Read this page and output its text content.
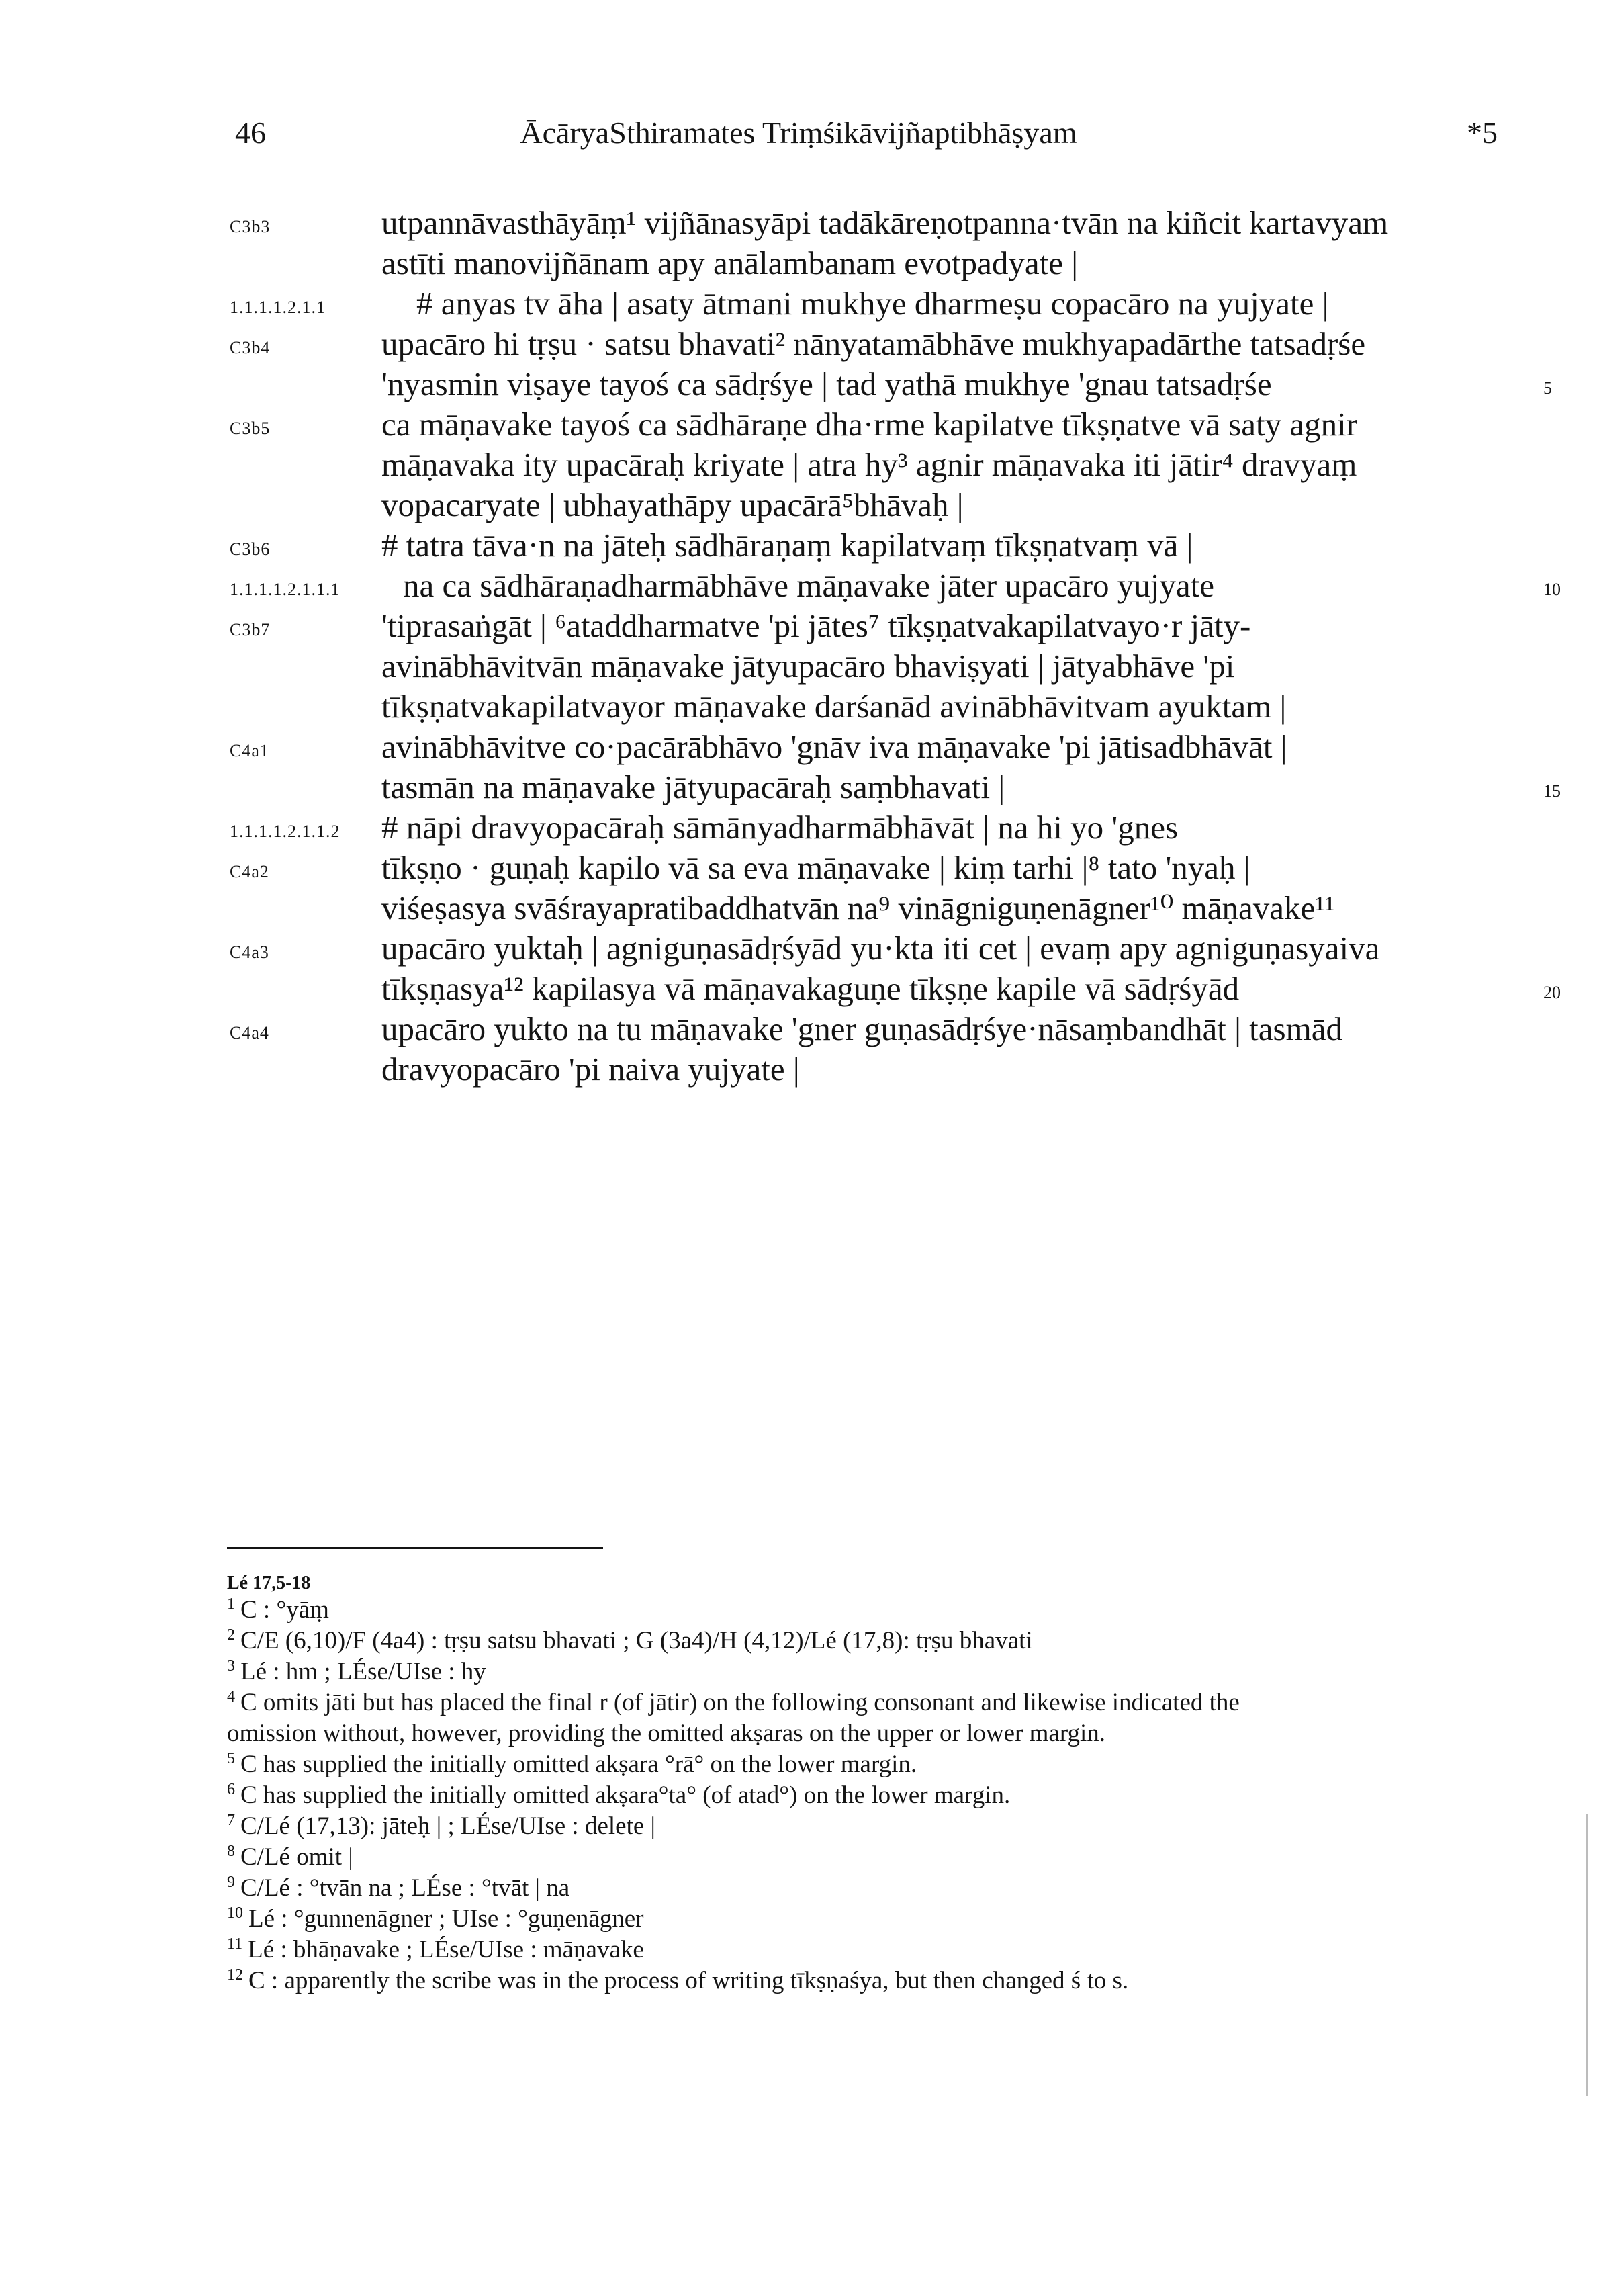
46	ĀcāryaSthiramates Triṃśikāvijñaptibhāṣyam	*5
C3b3	utpannāvasthāyāṃ¹ vijñānasyāpi tadākāreṇotpanna·tvān na kiñcit kartavyam
astīti manovijñānam apy anālambanam evotpadyate |
1.1.1.1.2.1.1	# anyas tv āha | asaty ātmani mukhye dharmeṣu copacāro na yujyate |
C3b4	upacāro hi tṛṣu · satsu bhavati² nānyatamābhāve mukhyapadārthe tatsadṛśe
'nyasmin viṣaye tayoś ca sādṛśye | tad yathā mukhye 'gnau tatsadṛśe	5
C3b5	ca māṇavake tayoś ca sādhāraṇe dha·rme kapilatve tīkṣṇatve vā saty agnir
māṇavaka ity upacāraḥ kriyate | atra hy³ agnir māṇavaka iti jātir⁴ dravyaṃ
vopacaryate | ubhayathāpy upacārā⁵bhāvaḥ |
C3b6	# tatra tāva·n na jāteḥ sādhāraṇaṃ kapilatvaṃ tīkṣṇatvaṃ vā |
1.1.1.1.2.1.1.1 na ca sādhāraṇadharmābhāve māṇavake jāter upacāro yujyate	10
C3b7	'tiprasaṅgāt | ⁶ataddharmatve 'pi jātes⁷ tīkṣṇatvakapilatvayo·r jāty-
avinābhāvitvān māṇavake jātyupacāro bhaviṣyati | jātyabhāve 'pi
tīkṣṇatvakapilatvayor māṇavake darśanād avinābhāvitvam ayuktam |
C4a1	avinābhāvitve co·pacārābhāvo 'gnāv iva māṇavake 'pi jātisadbhāvāt |
tasmān na māṇavake jātyupacāraḥ saṃbhavati |	15
1.1.1.1.2.1.1.2 # nāpi dravyopacāraḥ sāmānyadharmābhāvāt | na hi yo 'gnes
C4a2	tīkṣṇo · guṇaḥ kapilo vā sa eva māṇavake | kiṃ tarhi |⁸ tato 'nyaḥ |
viśeṣasya svāśrayapratibaddhatvān na⁹ vināgniguṇenāgner¹⁰ māṇavake¹¹
C4a3	upacāro yuktaḥ | agniguṇasādṛśyād yu·kta iti cet | evaṃ apy agniguṇasyaiva
tīkṣṇasya¹² kapilasya vā māṇavakaguṇe tīkṣṇe kapile vā sādṛśyād	20
C4a4	upacāro yukto na tu māṇavake 'gner guṇasādṛśye·nāsaṃbandhāt | tasmād
dravyopacāro 'pi naiva yujyate |
Lé 17,5-18
$^1$ C : °yāṃ
$^2$ C/E (6,10)/F (4a4) : tṛṣu satsu bhavati ; G (3a4)/H (4,12)/Lé (17,8): tṛṣu bhavati
$^3$ Lé : hm ; LÉse/UIse : hy
$^4$ C omits jāti but has placed the final r (of jātir) on the following consonant and likewise indicated the
omission without, however, providing the omitted akṣaras on the upper or lower margin.
$^5$ C has supplied the initially omitted akṣara °rā° on the lower margin.
$^6$ C has supplied the initially omitted akṣara°ta° (of atad°) on the lower margin.
$^7$ C/Lé (17,13): jāteḥ | ; LÉse/UIse : delete |
$^8$ C/Lé omit |
$^9$ C/Lé : °tvān na ; LÉse : °tvāt | na
$^{10}$ Lé : °gunnenāgner ; UIse : °guṇenāgner
$^{11}$ Lé : bhāṇavake ; LÉse/UIse : māṇavake
$^{12}$ C : apparently the scribe was in the process of writing tīkṣṇaśya, but then changed ś to s.
